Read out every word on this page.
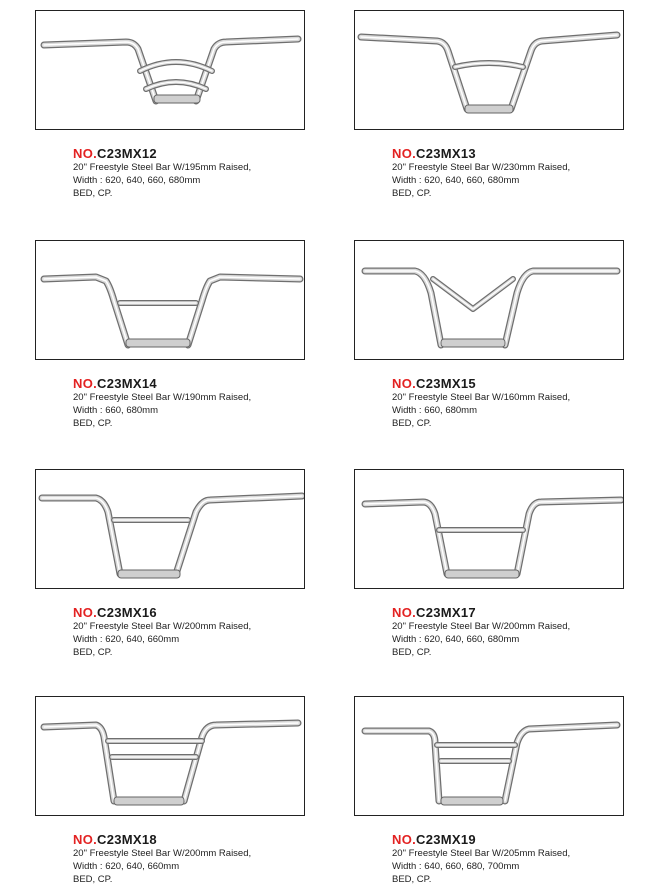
NO.C23MX12
20" Freestyle Steel Bar W/195mm Raised,
Width : 620, 640, 660, 680mm
BED, CP.
NO.C23MX13
20" Freestyle Steel Bar W/230mm Raised,
Width : 620, 640, 660, 680mm
BED, CP.
NO.C23MX14
20" Freestyle Steel Bar W/190mm Raised,
Width : 660, 680mm
BED, CP.
NO.C23MX15
20" Freestyle Steel Bar W/160mm Raised,
Width : 660, 680mm
BED, CP.
NO.C23MX16
20" Freestyle Steel Bar W/200mm Raised,
Width : 620, 640, 660mm
BED, CP.
NO.C23MX17
20" Freestyle Steel Bar W/200mm Raised,
Width : 620, 640, 660, 680mm
BED, CP.
NO.C23MX18
20" Freestyle Steel Bar W/200mm Raised,
Width : 620, 640, 660mm
BED, CP.
NO.C23MX19
20" Freestyle Steel Bar W/205mm Raised,
Width : 640, 660, 680, 700mm
BED, CP.
